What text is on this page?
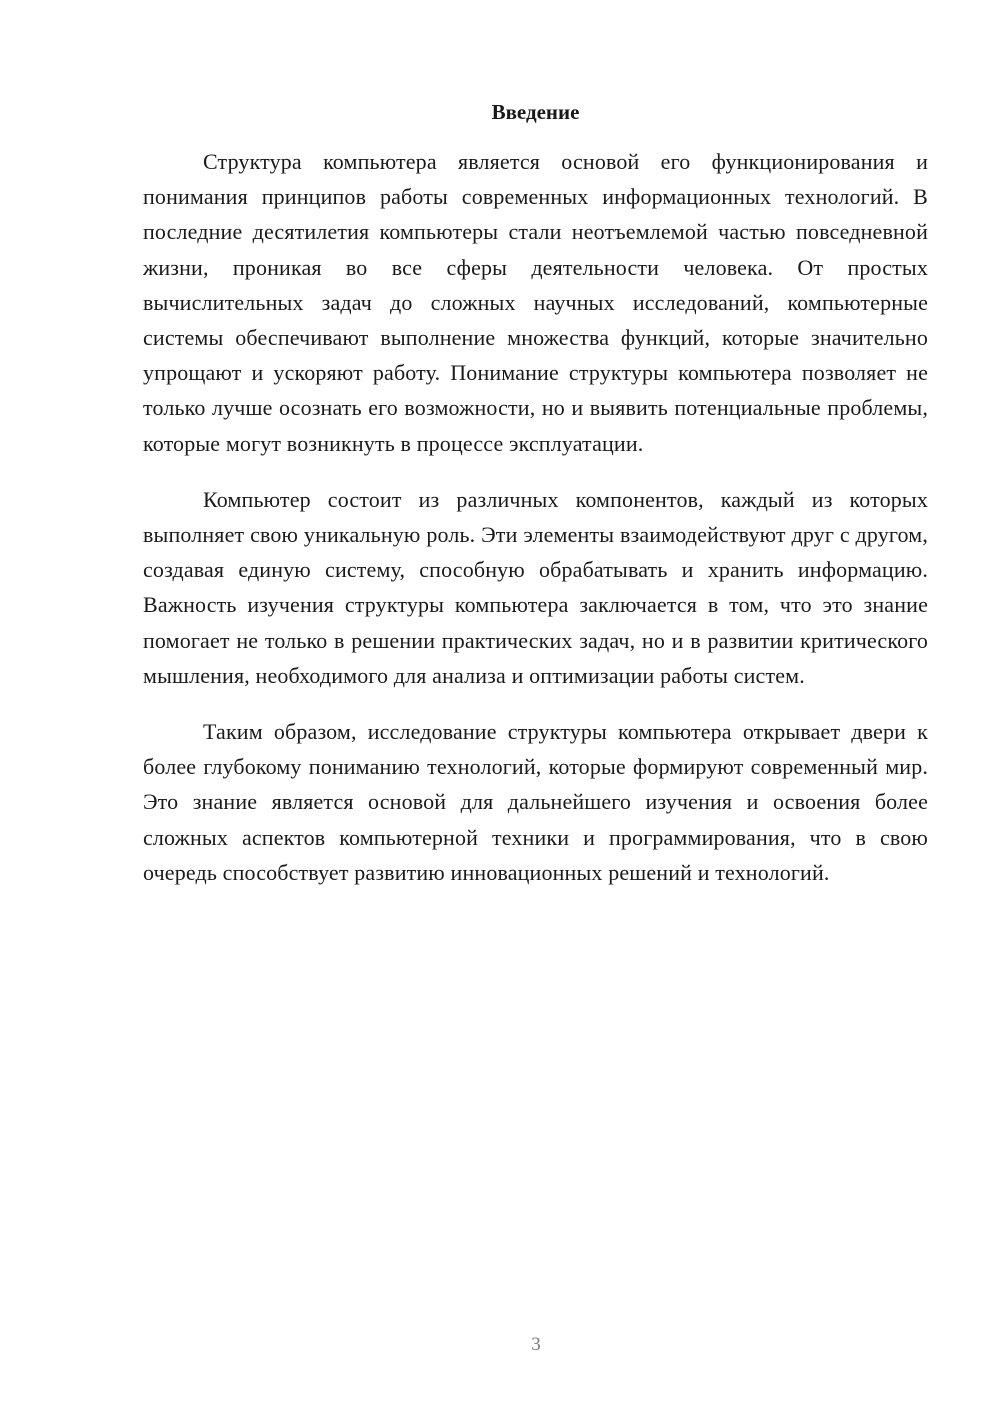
Введение

Структура компьютера является основой его функционирования и понимания принципов работы современных информационных технологий. В последние десятилетия компьютеры стали неотъемлемой частью повседневной жизни, проникая во все сферы деятельности человека. От простых вычислительных задач до сложных научных исследований, компьютерные системы обеспечивают выполнение множества функций, которые значительно упрощают и ускоряют работу. Понимание структуры компьютера позволяет не только лучше осознать его возможности, но и выявить потенциальные проблемы, которые могут возникнуть в процессе эксплуатации.

Компьютер состоит из различных компонентов, каждый из которых выполняет свою уникальную роль. Эти элементы взаимодействуют друг с другом, создавая единую систему, способную обрабатывать и хранить информацию. Важность изучения структуры компьютера заключается в том, что это знание помогает не только в решении практических задач, но и в развитии критического мышления, необходимого для анализа и оптимизации работы систем.

Таким образом, исследование структуры компьютера открывает двери к более глубокому пониманию технологий, которые формируют современный мир. Это знание является основой для дальнейшего изучения и освоения более сложных аспектов компьютерной техники и программирования, что в свою очередь способствует развитию инновационных решений и технологий.

3
